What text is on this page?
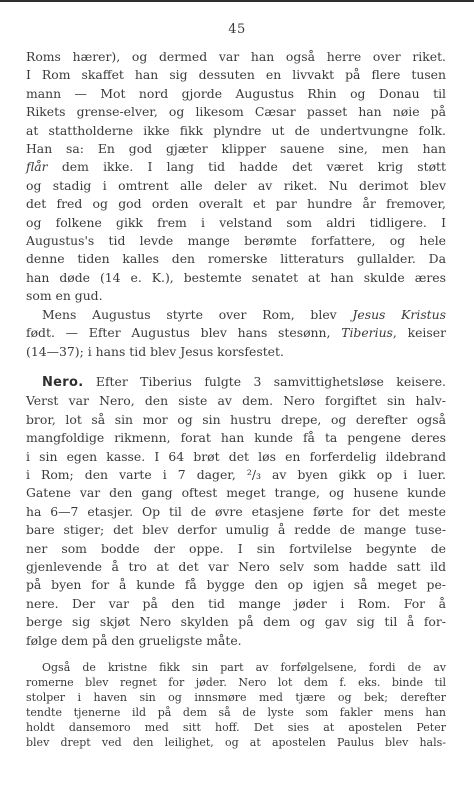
45

Roms hærer), og dermed var han også herre over riket.
I Rom skaffet han sig dessuten en livvakt på flere tusen
mann — Mot nord gjorde Augustus Rhin og Donau til
Rikets grense-elver, og likesom Cæsar passet han nøie på
at stattholderne ikke fikk plyndre ut de undertvungne folk.
Han sa: En god gjæter klipper sauene sine, men han
flår dem ikke. I lang tid hadde det været krig støtt
og stadig i omtrent alle deler av riket. Nu derimot blev
det fred og god orden overalt et par hundre år fremover,
og folkene gikk frem i velstand som aldri tidligere. I
Augustus's tid levde mange berømte forfattere, og hele
denne tiden kalles den romerske litteraturs gullalder. Da
han døde (14 e. K.), bestemte senatet at han skulde æres
som en gud.

Mens Augustus styrte over Rom, blev Jesus Kristus
født. — Efter Augustus blev hans stesønn, Tiberius, keiser
(14—37); i hans tid blev Jesus korsfestet.

Nero. Efter Tiberius fulgte 3 samvittighetsløse keisere.
Verst var Nero, den siste av dem. Nero forgiftet sin halv-
bror, lot så sin mor og sin hustru drepe, og derefter også
mangfoldige rikmenn, forat han kunde få ta pengene deres
i sin egen kasse. I 64 brøt det løs en forferdelig ildebrand
i Rom; den varte i 7 dager, ²/₃ av byen gikk op i luer.
Gatene var den gang oftest meget trange, og husene kunde
ha 6—7 etasjer. Op til de øvre etasjene førte for det meste
bare stiger; det blev derfor umulig å redde de mange tuse-
ner som bodde der oppe. I sin fortvilelse begynte de
gjenlevende å tro at det var Nero selv som hadde satt ild
på byen for å kunde få bygge den op igjen så meget pe-
nere. Der var på den tid mange jøder i Rom. For å
berge sig skjøt Nero skylden på dem og gav sig til å for-
følge dem på den grueligste måte.

Også de kristne fikk sin part av forfølgelsene, fordi de av
romerne blev regnet for jøder. Nero lot dem f. eks. binde til
stolper i haven sin og innsmøre med tjære og bek; derefter
tendte tjenerne ild på dem så de lyste som fakler mens han
holdt dansemoro med sitt hoff. Det sies at apostelen Peter
blev drept ved den leilighet, og at apostelen Paulus blev hals-
